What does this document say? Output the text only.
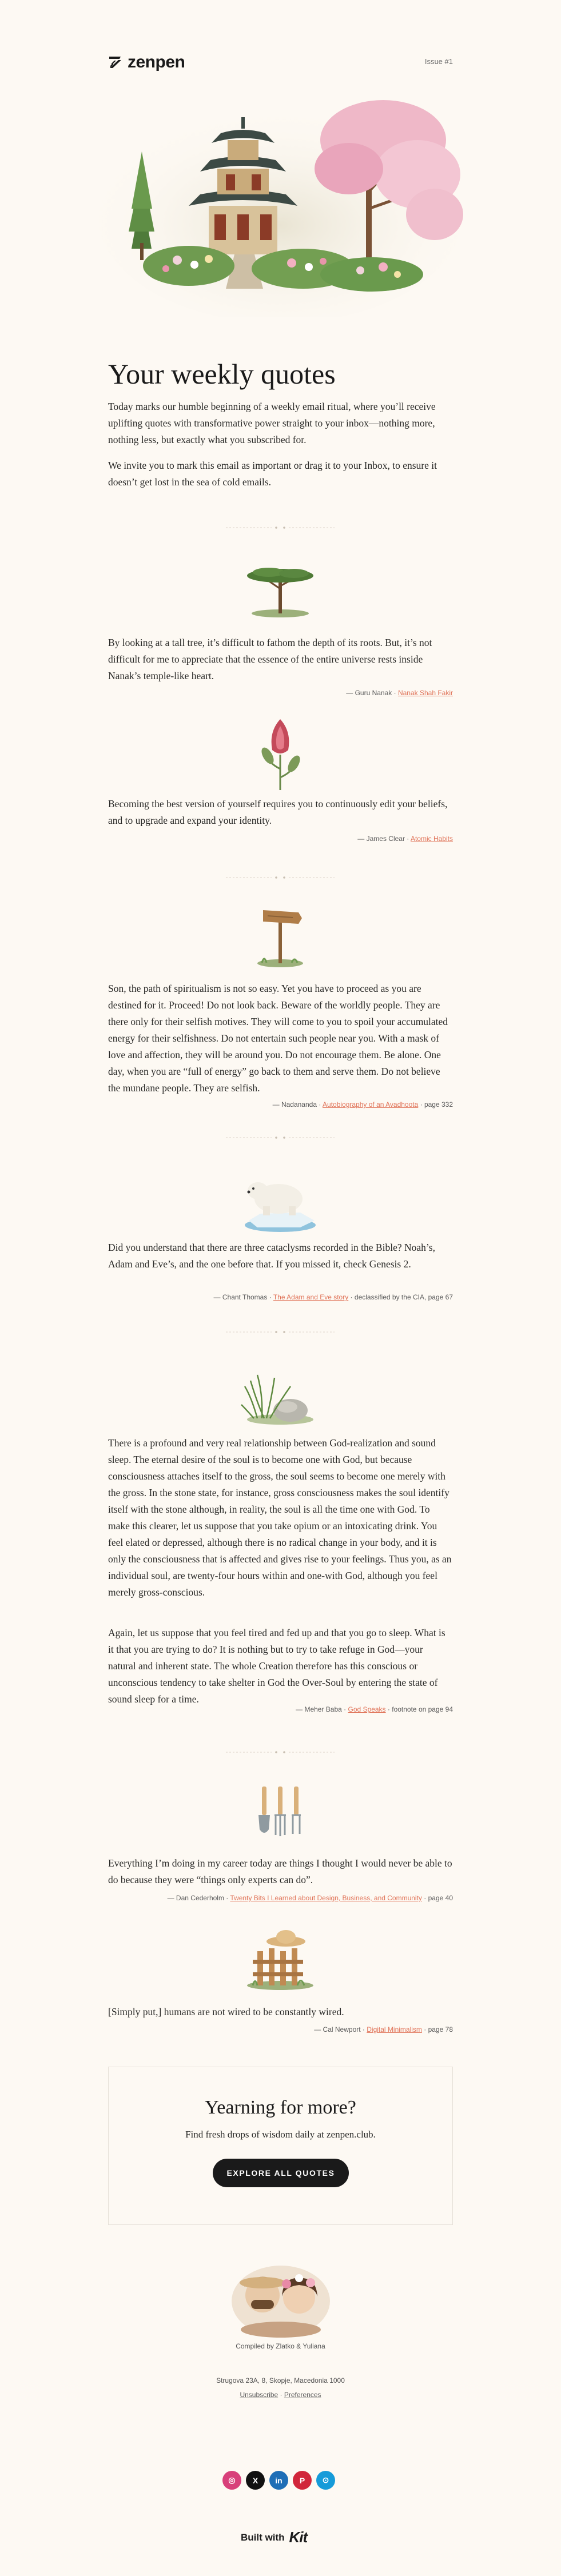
zenpen	Issue #1
Your weekly quotes

Today marks our humble beginning of a weekly email ritual, where you’ll receive uplifting quotes with transformative power straight to your inbox—nothing more, nothing less, but exactly what you subscribed for.

We invite you to mark this email as important or drag it to your Inbox, to ensure it doesn’t get lost in the sea of cold emails.

By looking at a tall tree, it’s difficult to fathom the depth of its roots. But, it’s not difficult for me to appreciate that the essence of the entire universe rests inside Nanak’s temple-like heart.

— Guru Nanak · Nanak Shah Fakir

Becoming the best version of yourself requires you to continuously edit your beliefs, and to upgrade and expand your identity.

— James Clear · Atomic Habits

Son, the path of spiritualism is not so easy. Yet you have to proceed as you are destined for it. Proceed! Do not look back. Beware of the worldly people. They are there only for their selfish motives. They will come to you to spoil your accumulated energy for their selfishness. Do not entertain such people near you. With a mask of love and affection, they will be around you. Do not encourage them. Be alone. One day, when you are “full of energy” go back to them and serve them. Do not believe the mundane people. They are selfish.

— Nadananda · Autobiography of an Avadhoota · page 332

Did you understand that there are three cataclysms recorded in the Bible? Noah’s, Adam and Eve’s, and the one before that. If you missed it, check Genesis 2.

— Chant Thomas · The Adam and Eve story · declassified by the CIA, page 67

There is a profound and very real relationship between God-realization and sound sleep. The eternal desire of the soul is to become one with God, but because consciousness attaches itself to the gross, the soul seems to become one merely with the gross. In the stone state, for instance, gross consciousness makes the soul identify itself with the stone although, in reality, the soul is all the time one with God. To make this clearer, let us suppose that you take opium or an intoxicating drink. You feel elated or depressed, although there is no radical change in your body, and it is only the consciousness that is affected and gives rise to your feelings. Thus you, as an individual soul, are twenty-four hours within and one-with God, although you feel merely gross-conscious.

Again, let us suppose that you feel tired and fed up and that you go to sleep. What is it that you are trying to do? It is nothing but to try to take refuge in God—your natural and inherent state. The whole Creation therefore has this conscious or unconscious tendency to take shelter in God the Over-Soul by entering the state of sound sleep for a time.

— Meher Baba · God Speaks · footnote on page 94

Everything I’m doing in my career today are things I thought I would never be able to do because they were “things only experts can do”.

— Dan Cederholm · Twenty Bits I Learned about Design, Business, and Community · page 40

[Simply put,] humans are not wired to be constantly wired.

— Cal Newport · Digital Minimalism · page 78
Yearning for more?
Find fresh drops of wisdom daily at zenpen.club.
EXPLORE ALL QUOTES
Compiled by Zlatko & Yuliana
Strugova 23A, 8, Skopje, Macedonia 1000
Unsubscribe · Preferences
◎	X	in	P	⊙
Built with Kit
